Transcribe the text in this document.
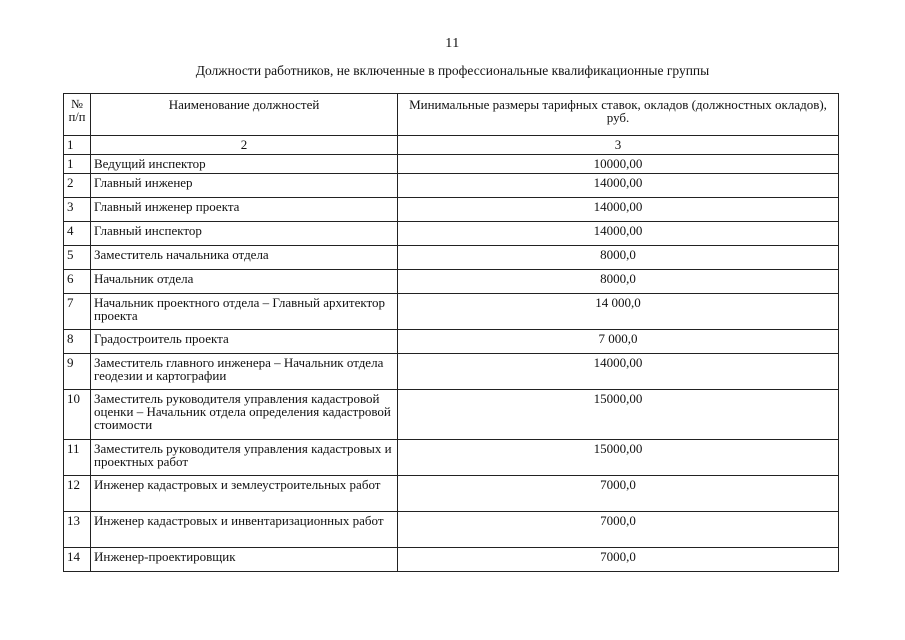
11
Должности работников, не включенные в профессиональные квалификационные группы
№ п/п	Наименование должностей	Минимальные размеры тарифных ставок, окладов (должностных окладов), руб.
1	2	3
1	Ведущий инспектор	10000,00
2	Главный инженер	14000,00
3	Главный инженер проекта	14000,00
4	Главный инспектор	14000,00
5	Заместитель начальника отдела	8000,0
6	Начальник отдела	8000,0
7	Начальник проектного отдела – Главный архитектор проекта	14 000,0
8	Градостроитель проекта	7 000,0
9	Заместитель главного инженера – Начальник отдела геодезии и картографии	14000,00
10	Заместитель руководителя управления кадастровой оценки – Начальник отдела определения кадастровой стоимости	15000,00
11	Заместитель руководителя управления кадастровых и проектных работ	15000,00
12	Инженер кадастровых и землеустроительных работ	7000,0
13	Инженер кадастровых и инвентаризационных работ	7000,0
14	Инженер-проектировщик	7000,0
